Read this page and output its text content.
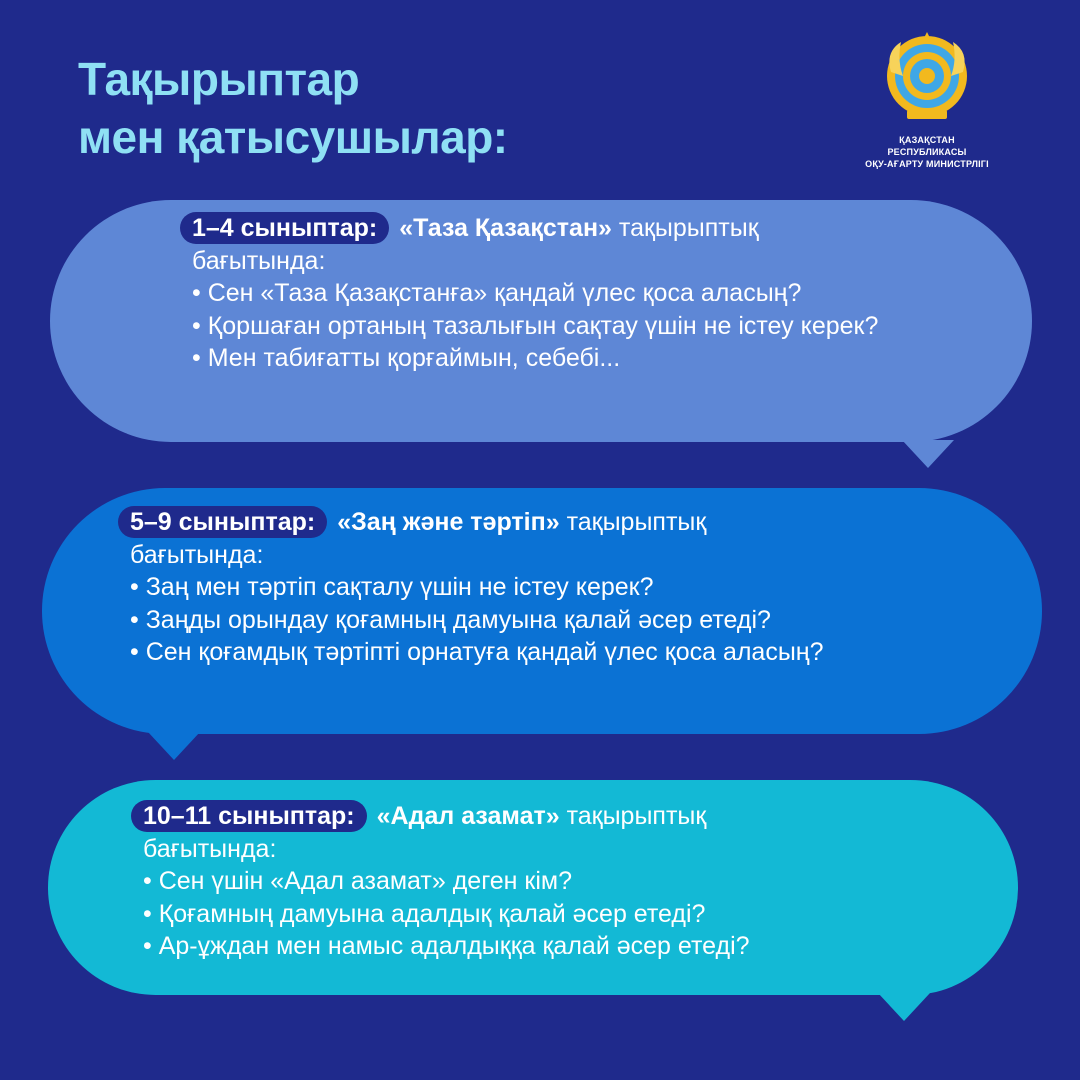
Тақырыптар
мен қатысушылар:	ҚАЗАҚСТАН РЕСПУБЛИКАСЫ
ОҚУ-АҒАРТУ МИНИСТРЛІГІ
1–4 сыныптар: «Таза Қазақстан» тақырыптық
бағытында:
• Сен «Таза Қазақстанға» қандай үлес қоса аласың?
• Қоршаған ортаның тазалығын сақтау үшін не істеу керек?
• Мен табиғатты қорғаймын, себебі...
5–9 сыныптар: «Заң және тәртіп» тақырыптық
бағытында:
• Заң мен тәртіп сақталу үшін не істеу керек?
• Заңды орындау қоғамның дамуына қалай әсер етеді?
• Сен қоғамдық тәртіпті орнатуға қандай үлес қоса аласың?
10–11 сыныптар: «Адал азамат» тақырыптық
бағытында:
• Сен үшін «Адал азамат» деген кім?
• Қоғамның дамуына адалдық қалай әсер етеді?
• Ар-ұждан мен намыс адалдыққа қалай әсер етеді?
